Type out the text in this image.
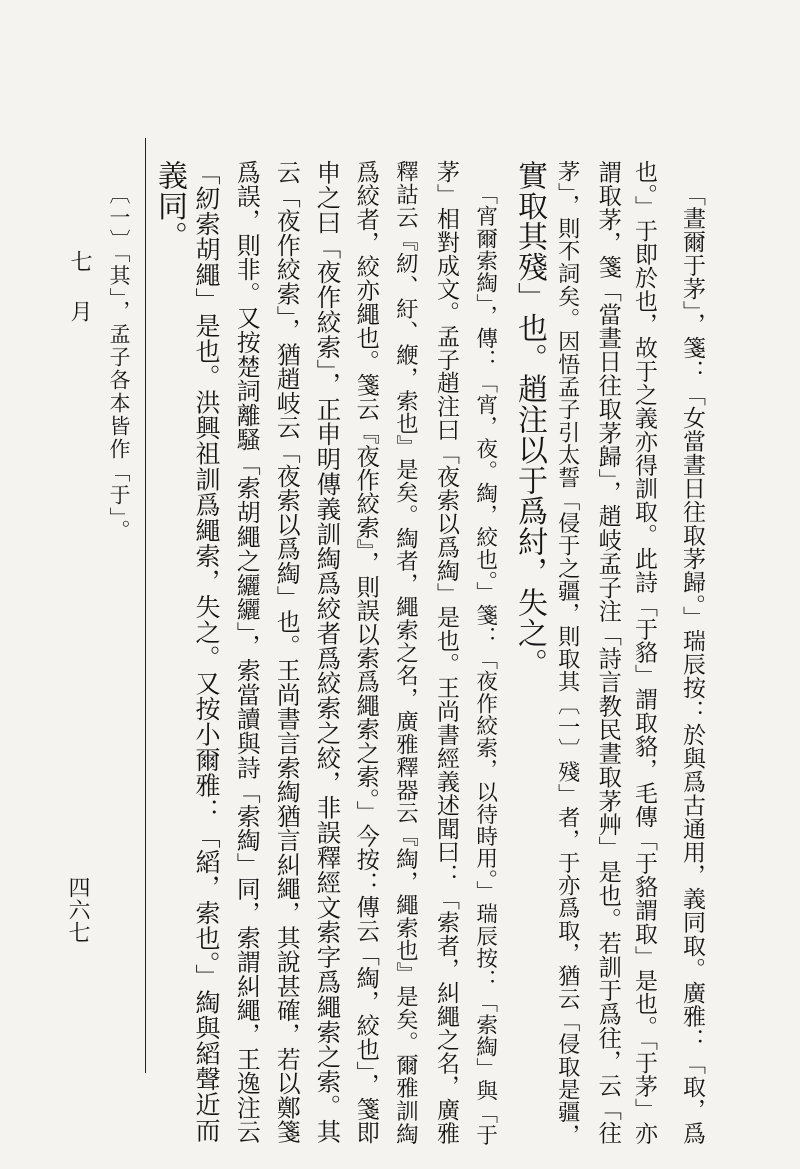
「晝爾于茅」，箋：「女當晝日往取茅歸。」瑞辰按：於與爲古通用，義同取。廣雅：「取，爲
也。」于即於也，故于之義亦得訓取。此詩「于貉」謂取貉，毛傳「于貉謂取」是也。「于茅」亦
謂取茅，箋「當晝日往取茅歸」，趙岐孟子注「詩言教民晝取茅艸」是也。若訓于爲往，云「往
茅」，則不詞矣。因悟孟子引太誓「侵于之疆，則取其〔一〕殘」者，于亦爲取，猶云「侵取是疆，
實取其殘」也。趙注以于爲紂，失之。
「宵爾索綯」，傳：「宵，夜。綯，絞也。」箋：「夜作絞索，以待時用。」瑞辰按：「索綯」與「于
茅」相對成文。孟子趙注曰「夜索以爲綯」是也。王尚書經義述聞曰：「索者，糾繩之名，廣雅
釋詁云『紉、紆、緶，索也』是矣。綯者，繩索之名，廣雅釋器云『綯，繩索也』是矣。爾雅訓綯
爲絞者，絞亦繩也。箋云『夜作絞索』，則誤以索爲繩索之索。」今按：傳云「綯，絞也」，箋即
申之曰「夜作絞索」，正申明傳義訓綯爲絞者爲絞索之絞，非誤釋經文索字爲繩索之索。其
云「夜作絞索」，猶趙岐云「夜索以爲綯」也。王尚書言索綯猶言糾繩，其說甚確，若以鄭箋
爲誤，則非。又按楚詞離騷「索胡繩之纚纚」，索當讀與詩「索綯」同，索謂糾繩，王逸注云
「紉索胡繩」是也。洪興祖訓爲繩索，失之。又按小爾雅：「縚，索也。」綯與縚聲近而
義同。
〔一〕「其」，孟子各本皆作「于」。
七　月
四六七
